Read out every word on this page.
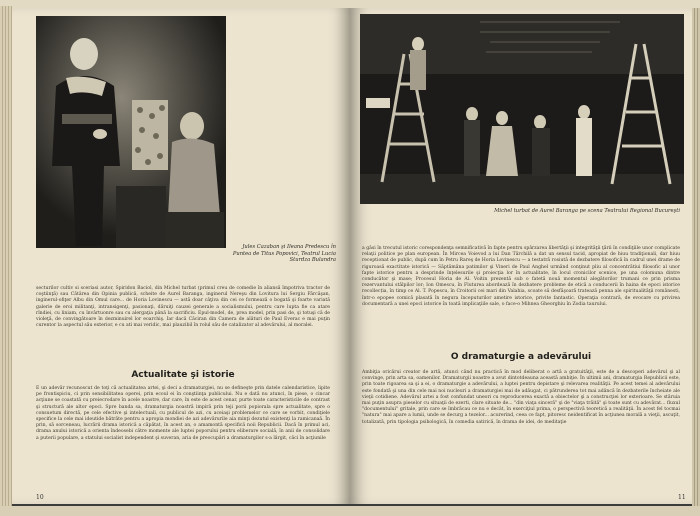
Jules Cazaban şi Ileana Predescu în Puntea de Titus Popovici, Teatrul Lucia Sturdza Bulandra
secturilor cultiv si sceriasi autor, Spiridon Baciol, din Michel turbat (primul creu de comedie în aliansă împotriva tractor de coştiinţă) sau Cătărea din Opinia publică, scheite de Aurel Baranga, inginerul Nereşu din Lovitura lui Sergiu Fărcăşan, inginerul-ofiţer Albu din Omul care... de Horia Lovinescu — astă doar câţiva din cei ce formează o bogată şi foarte variată galerie de eroi militanţi, intransigenţi, pasionaţi, dăruiţi cauzei generale a socialismului, pentru care lupta fie ca atare rîndiei, cu liniam, cu învârtuonre sau cu alergaţia până la sacrificiu. Epul-model, de, prea model, prin pasi de, şi totuşi că de violeţă, de convingătoare în dezminuirel lor eoarchiş. Iar dacă Căciran din Camera de alături de Paul Everac e mai puţin curentor la aspectul său exterior, e cu ati mai veridic, mai plauzibil în rolul său de catalizator al adevărului, al moralei.
Actualitate şi istorie
E un adevăr recunoscut de toţi că actualitatea artei, şi deci a dramaturgiei, nu se defineşte prin datele calendaristice, lipite pe frontispiciu, ci prin sensibilitatea operei, prin ecoul ei în conştiinţa publicului. Nu e dată nu atunci, în piese, o cincar acţiune se coastată cu preiecrodare în acele noastre, dar care, în este de acest cenar, purte toate caracteristicile de contrast şi structură ale altor epoci. Spre banda sa, dramaturgia noastră impiră prin teji porii popiorala spre actualitate, spre o consuetum directă, pe cele efective şi intelectuali, cu publicul de azi, cu aceiaşi problemelor ce care se vorbit, condiţiele specifice la cele mai ideutide bătrăte pentru a apropia mondiei de azi adevărurile aia minţi dezutul existenţi la ramicanaă. În prin, să sorceneau, lucrării drama istorică a căpătat, în acest an, o amamontă specifică noii Republicii. Dacă în primul aci, drama anului istorică a orienta îndeosebi către momente ale luptei poporului pentru eliberare socială, în anii de consolidare a puterii populare, a statului socialist independent şi suveran, aria de preocupări a dramaturgilor s-a lărgit, căci în acţiunile
10
Michel turbat de Aurel Baranga pe scena Teatrului Regional Bucureşti
a găsi în trecutul istoric corespondenţa semnificativă în fapte pentru spărzarea libertăţii şi integrităţii ţării în condiţiile unor complicate relaţii politice pe plan european. În Mircea Voievod a lui Dan Tărchilă a dat un sensul tacid, apropiat de hiuu tradiţionali, dar hiuu receptionat de public, după cum în Petru Rareş de Horia Lovinescu — a testatră rosiutâ de dezbatere filosofică în cadrul unei drame de riguroasă exactitate istorică — Săptămâna patimilor şi Vineri de Paul Anghel urmând conţinut pliu al concentrătiui filosofic al unor fapte istorice pentru a desprinde înţelesurile şi proiecţia lor în actualitate, în locul cronicilor scenice, pe una colomuna dintre conducător şi mase; Procesul Horia de Al. Voitin prezentă sub o fatetă nouă momentul alegătorilor trumani ce prin prisma rezervantului stâlpilor lor; Ion Omescu, în Fluturea abordează în dezbatere probleme de etică a conducerii în haina de epoci istorice recollecția, în timp ce Al. T. Popescu, în Croitorii cei mari din Valahia, scoate să desfăşoară tratează penna ale spiritualităţii românesti, într-o epopee comică plasată în negura începuturilor ametire istorice, privite fantastic. Operaţia contrară, de evocare cu privirea documentară a unei epoci istorice în toată implicaţiile sale, o face-o Mihnea Gheorghiu în Zodia taurului.
O dramaturgie a adevărului
Ambiţia oricărui creator de artă, atunci când nu practică în mod deliberat o artă a gratuităţii, este de a descoperi adevărul şi al convinge, prin arta sa, oamenilor. Dramaturgii noastre a avut dintotdeauna această ambiţie. În ultimii ani, dramaturgia Republicii este, prin toate rigoarea sa şi a ei, o dramaturgie a adevărului, a luptei pentru depistare şi relevarea realităţii. Pe acest temei al adevărului este fondată şi una din cele mai noi nucleuri a dramaturgiei mai de adăugat, ci pătrunderea tot mai adâncă în dezbaterile încheiate ale vieţii cotidiene. Adevărul artei a fost confundat uneori cu reproducerea exactă a obiectelor şi a construcţiei lor exterioare. Se stăruia mai puţin asupra pieselor cu situaţii de ezerti, clare situate de... "din viaţa sinceră" şi de "viaţa trăită" şi toate sunt cu adevărat... fluxul "documentului" gritale, prin care se îmbrăcau ce nu e decât, în exerciţiul prima, o perspectivă teoretică a realităţii. În acest fel tocmai "natura" mai apare a lumii, unde se decurg a tezelor... acurerind, ceea ce fapt, pitoresc neidentificat în acţiunea morală a vieţii, ascuţit, totalizată, prin tipologia psihologică, în comedia satirică, în drama de idei, de meditaţie
11
